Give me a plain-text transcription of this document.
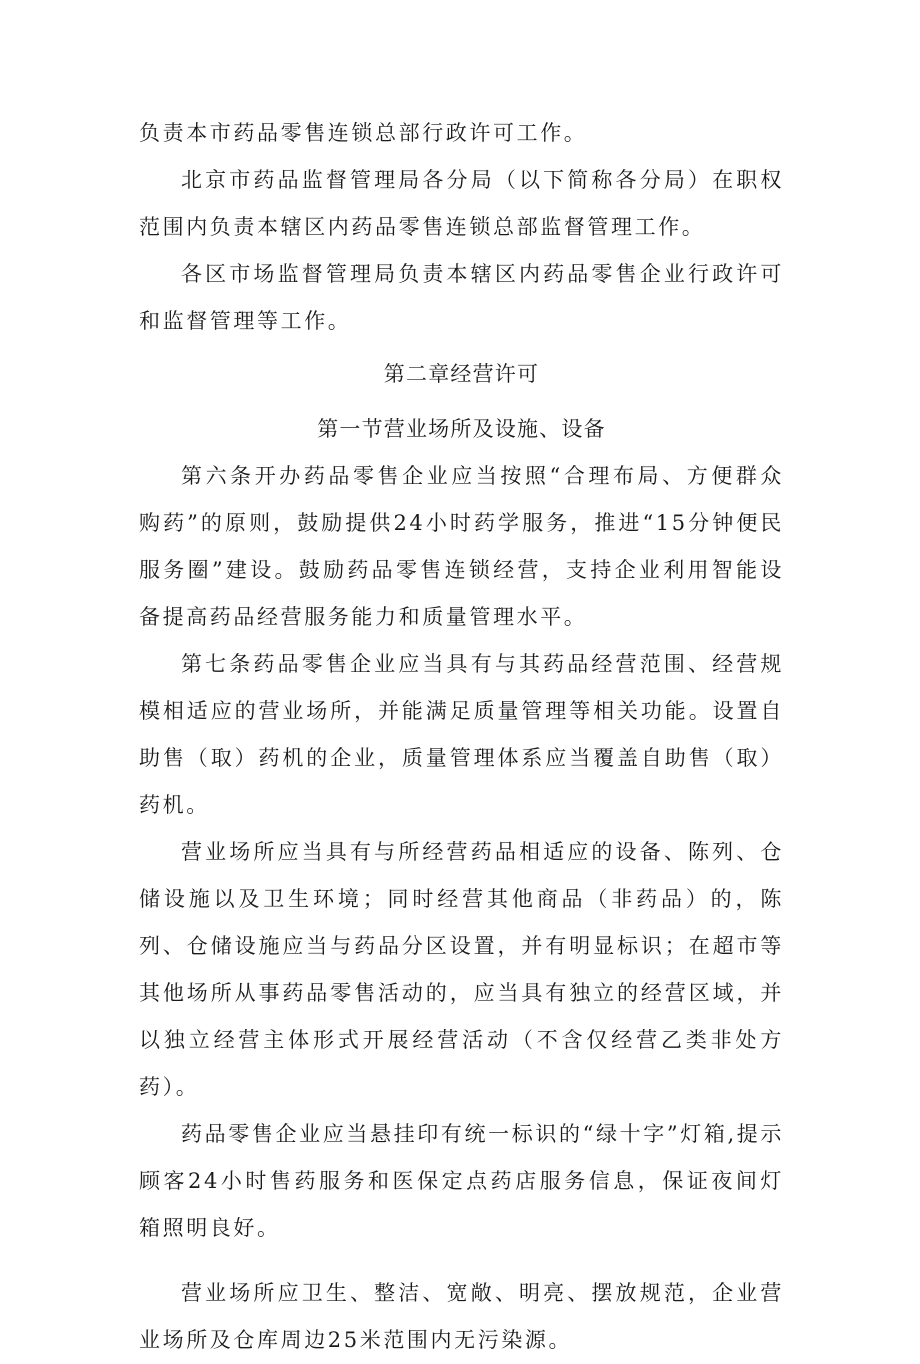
负责本市药品零售连锁总部行政许可工作。

北京市药品监督管理局各分局（以下简称各分局）在职权范围内负责本辖区内药品零售连锁总部监督管理工作。

各区市场监督管理局负责本辖区内药品零售企业行政许可和监督管理等工作。

第二章经营许可

第一节营业场所及设施、设备

第六条开办药品零售企业应当按照“合理布局、方便群众购药”的原则，鼓励提供24小时药学服务，推进“15分钟便民服务圈”建设。鼓励药品零售连锁经营，支持企业利用智能设备提高药品经营服务能力和质量管理水平。

第七条药品零售企业应当具有与其药品经营范围、经营规模相适应的营业场所，并能满足质量管理等相关功能。设置自助售（取）药机的企业，质量管理体系应当覆盖自助售（取）药机。

营业场所应当具有与所经营药品相适应的设备、陈列、仓储设施以及卫生环境；同时经营其他商品（非药品）的，陈列、仓储设施应当与药品分区设置，并有明显标识；在超市等其他场所从事药品零售活动的，应当具有独立的经营区域，并以独立经营主体形式开展经营活动（不含仅经营乙类非处方药）。

药品零售企业应当悬挂印有统一标识的“绿十字”灯箱,提示顾客24小时售药服务和医保定点药店服务信息，保证夜间灯箱照明良好。

营业场所应卫生、整洁、宽敞、明亮、摆放规范，企业营业场所及仓库周边25米范围内无污染源。
